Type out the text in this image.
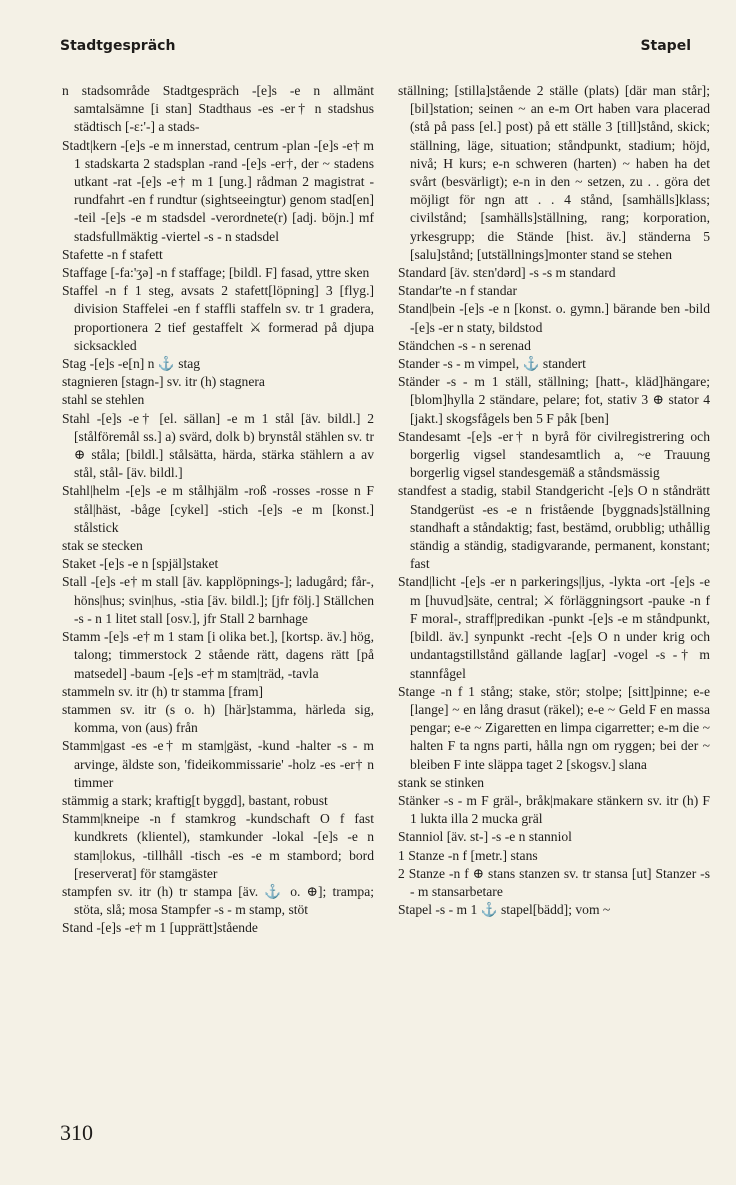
Stadtgespräch	Stapel

n stadsområde Stadtgespräch -[e]s -e n allmänt samtalsämne [i stan] Stadthaus -es -er† n stadshus städtisch [-ɛ:'-] a stads-

Stadt|kern -[e]s -e m innerstad, centrum -plan -[e]s -e† m 1 stadskarta 2 stadsplan -rand -[e]s -er†, der ~ stadens utkant -rat -[e]s -e† m 1 [ung.] rådman 2 magistrat -rundfahrt -en f rundtur (sightseeingtur) genom stad[en] -teil -[e]s -e m stadsdel -verordnete(r) [adj. böjn.] mf stadsfullmäktig -viertel -s - n stadsdel

Stafette -n f stafett

Staffage [-fa:'ʒə] -n f staffage; [bildl. F] fasad, yttre sken

Staffel -n f 1 steg, avsats 2 stafett[löpning] 3 [flyg.] division Staffelei -en f staffli staffeln sv. tr 1 gradera, proportionera 2 tief gestaffelt ⚔ formerad på djupa sicksackled

Stag -[e]s -e[n] n ⚓ stag

stagnieren [stagn-] sv. itr (h) stagnera

stahl se stehlen

Stahl -[e]s -e† [el. sällan] -e m 1 stål [äv. bildl.] 2 [stålföremål ss.] a) svärd, dolk b) brynstål stählen sv. tr ⊕ ståla; [bildl.] stålsätta, härda, stärka stählern a av stål, stål- [äv. bildl.]

Stahl|helm -[e]s -e m stålhjälm -roß -rosses -rosse n F stål|häst, -båge [cykel] -stich -[e]s -e m [konst.] stålstick

stak se stecken

Staket -[e]s -e n [spjäl]staket

Stall -[e]s -e† m stall [äv. kapplöpnings-]; ladugård; får-, höns|hus; svin|hus, -stia [äv. bildl.]; [jfr följ.] Ställchen -s - n 1 litet stall [osv.], jfr Stall 2 barnhage

Stamm -[e]s -e† m 1 stam [i olika bet.], [kortsp. äv.] hög, talong; timmerstock 2 stående rätt, dagens rätt [på matsedel] -baum -[e]s -e† m stam|träd, -tavla

stammeln sv. itr (h) tr stamma [fram]

stammen sv. itr (s o. h) [här]stamma, härleda sig, komma, von (aus) från

Stamm|gast -es -e† m stam|gäst, -kund -halter -s - m arvinge, äldste son, 'fideikommissarie' -holz -es -er† n timmer

stämmig a stark; kraftig[t byggd], bastant, robust

Stamm|kneipe -n f stamkrog -kundschaft O f fast kundkrets (klientel), stamkunder -lokal -[e]s -e n stam|lokus, -tillhåll -tisch -es -e m stambord; bord [reserverat] för stamgäster

stampfen sv. itr (h) tr stampa [äv. ⚓ o. ⊕]; trampa; stöta, slå; mosa Stampfer -s - m stamp, stöt

Stand -[e]s -e† m 1 [upprätt]stående

ställning; [stilla]stående 2 ställe (plats) [där man står]; [bil]station; seinen ~ an e-m Ort haben vara placerad (stå på pass [el.] post) på ett ställe 3 [till]stånd, skick; ställning, läge, situation; ståndpunkt, stadium; höjd, nivå; H kurs; e-n schweren (harten) ~ haben ha det svårt (besvärligt); e-n in den ~ setzen, zu . . göra det möjligt för ngn att . . 4 stånd, [samhälls]klass; civilstånd; [samhälls]ställning, rang; korporation, yrkesgrupp; die Stände [hist. äv.] ständerna 5 [salu]stånd; [utställnings]monter stand se stehen

Standard [äv. stɛn'dərd] -s -s m standard

Standar'te -n f standar

Stand|bein -[e]s -e n [konst. o. gymn.] bärande ben -bild -[e]s -er n staty, bildstod

Ständchen -s - n serenad

Stander -s - m vimpel, ⚓ standert

Ständer -s - m 1 ställ, ställning; [hatt-, kläd]hängare; [blom]hylla 2 ständare, pelare; fot, stativ 3 ⊕ stator 4 [jakt.] skogsfågels ben 5 F påk [ben]

Standesamt -[e]s -er† n byrå för civilregistrering och borgerlig vigsel standesamtlich a, ~e Trauung borgerlig vigsel standesgemäß a ståndsmässig

standfest a stadig, stabil Standgericht -[e]s O n ståndrätt Standgerüst -es -e n fristående [byggnads]ställning standhaft a ståndaktig; fast, bestämd, orubblig; uthållig ständig a ständig, stadigvarande, permanent, konstant; fast

Stand|licht -[e]s -er n parkerings|ljus, -lykta -ort -[e]s -e m [huvud]säte, central; ⚔ förläggningsort -pauke -n f F moral-, straff|predikan -punkt -[e]s -e m ståndpunkt, [bildl. äv.] synpunkt -recht -[e]s O n under krig och undantagstillstånd gällande lag[ar] -vogel -s -† m stannfågel

Stange -n f 1 stång; stake, stör; stolpe; [sitt]pinne; e-e [lange] ~ en lång drasut (räkel); e-e ~ Geld F en massa pengar; e-e ~ Zigaretten en limpa cigarretter; e-m die ~ halten F ta ngns parti, hålla ngn om ryggen; bei der ~ bleiben F inte släppa taget 2 [skogsv.] slana

stank se stinken

Stänker -s - m F gräl-, bråk|makare stänkern sv. itr (h) F 1 lukta illa 2 mucka gräl

Stanniol [äv. st-] -s -e n stanniol

1 Stanze -n f [metr.] stans

2 Stanze -n f ⊕ stans stanzen sv. tr stansa [ut] Stanzer -s - m stansarbetare

Stapel -s - m 1 ⚓ stapel[bädd]; vom ~

310
